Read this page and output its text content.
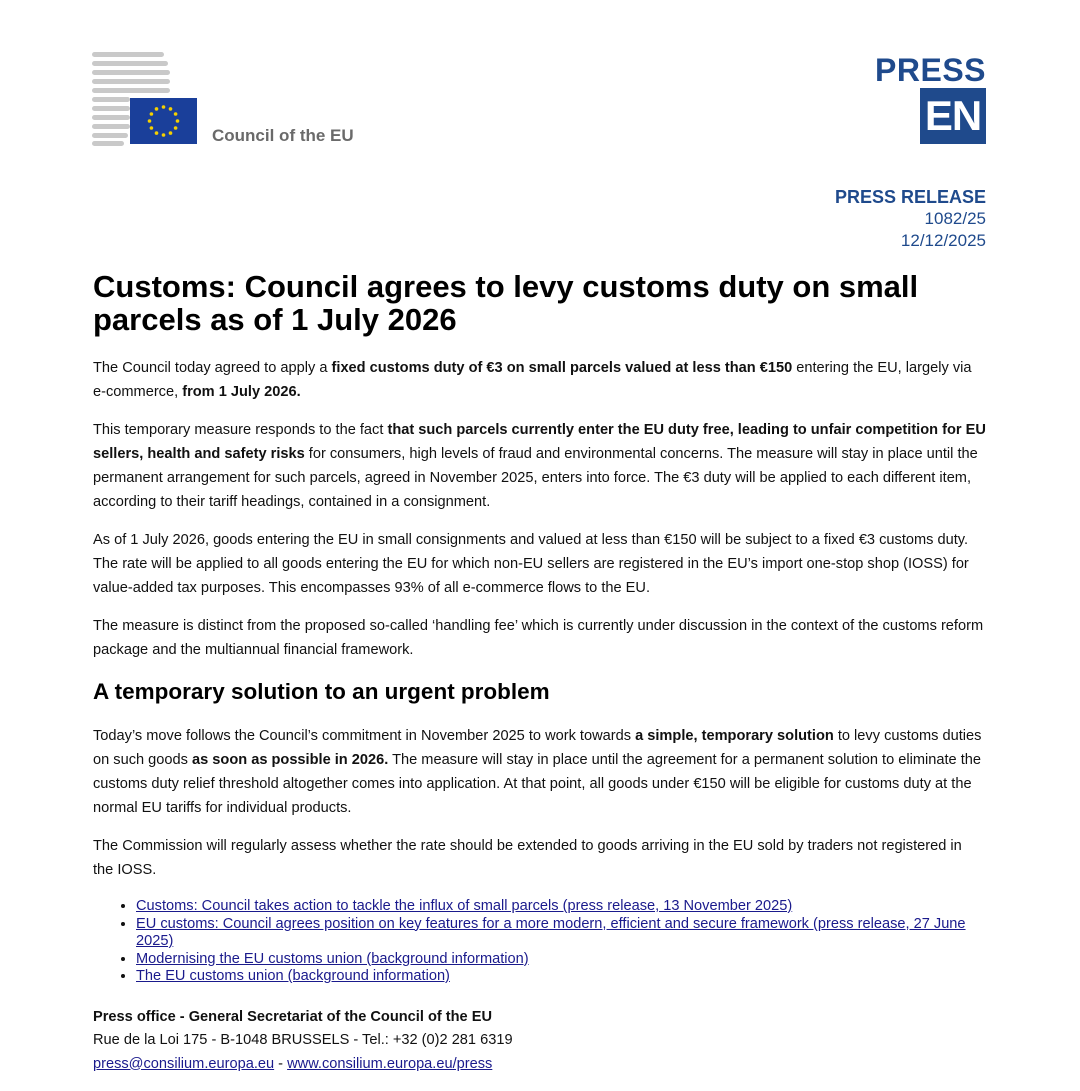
Council of the EU
PRESS
EN
PRESS RELEASE
1082/25
12/12/2025
Customs: Council agrees to levy customs duty on small parcels as of 1 July 2026

The Council today agreed to apply a fixed customs duty of €3 on small parcels valued at less than €150 entering the EU, largely via e-commerce, from 1 July 2026.

This temporary measure responds to the fact that such parcels currently enter the EU duty free, leading to unfair competition for EU sellers, health and safety risks for consumers, high levels of fraud and environmental concerns. The measure will stay in place until the permanent arrangement for such parcels, agreed in November 2025, enters into force. The €3 duty will be applied to each different item, according to their tariff headings, contained in a consignment.

As of 1 July 2026, goods entering the EU in small consignments and valued at less than €150 will be subject to a fixed €3 customs duty. The rate will be applied to all goods entering the EU for which non-EU sellers are registered in the EU’s import one-stop shop (IOSS) for value-added tax purposes. This encompasses 93% of all e-commerce flows to the EU.

The measure is distinct from the proposed so-called ‘handling fee’ which is currently under discussion in the context of the customs reform package and the multiannual financial framework.

A temporary solution to an urgent problem

Today’s move follows the Council’s commitment in November 2025 to work towards a simple, temporary solution to levy customs duties on such goods as soon as possible in 2026. The measure will stay in place until the agreement for a permanent solution to eliminate the customs duty relief threshold altogether comes into application. At that point, all goods under €150 will be eligible for customs duty at the normal EU tariffs for individual products.

The Commission will regularly assess whether the rate should be extended to goods arriving in the EU sold by traders not registered in the IOSS.

• Customs: Council takes action to tackle the influx of small parcels (press release, 13 November 2025)
• EU customs: Council agrees position on key features for a more modern, efficient and secure framework (press release, 27 June 2025)
• Modernising the EU customs union (background information)
• The EU customs union (background information)
Press office - General Secretariat of the Council of the EU
Rue de la Loi 175 - B-1048 BRUSSELS - Tel.: +32 (0)2 281 6319
press@consilium.europa.eu - www.consilium.europa.eu/press
